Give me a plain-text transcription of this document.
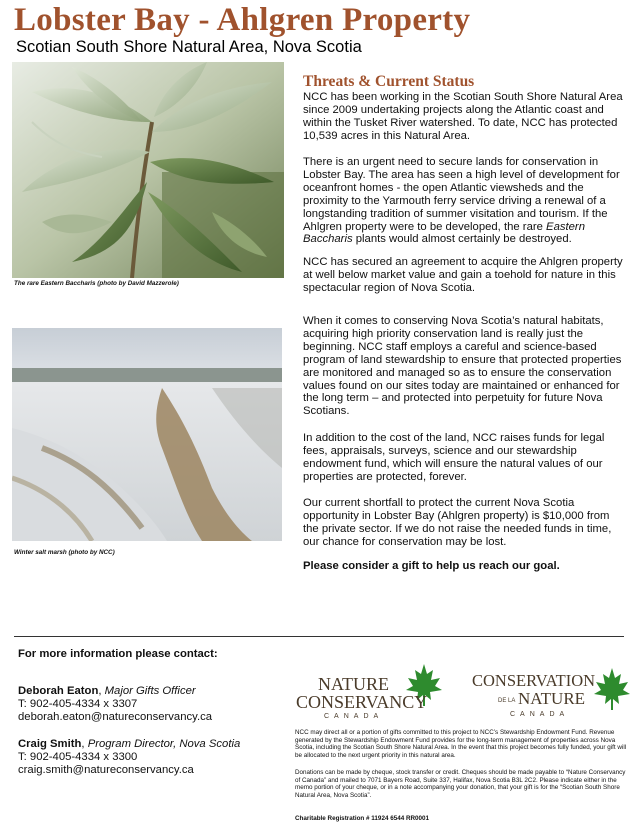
Lobster Bay - Ahlgren Property
Scotian South Shore Natural Area, Nova Scotia
The rare Eastern Baccharis (photo by David Mazzerole)
Winter salt marsh (photo by NCC)
Threats & Current Status

NCC has been working in the Scotian South Shore Natural Area since 2009 undertaking projects along the Atlantic coast and within the Tusket River watershed. To date, NCC has protected 10,539 acres in this Natural Area.

There is an urgent need to secure lands for conservation in Lobster Bay. The area has seen a high level of development for oceanfront homes - the open Atlantic viewsheds and the proximity to the Yarmouth ferry service driving a renewal of a longstanding tradition of summer visitation and tourism. If the Ahlgren property were to be developed, the rare Eastern Baccharis plants would almost certainly be destroyed.

NCC has secured an agreement to acquire the Ahlgren property at well below market value and gain a toehold for nature in this spectacular region of Nova Scotia.

When it comes to conserving Nova Scotia’s natural habitats, acquiring high priority conservation land is really just the beginning. NCC staff employs a careful and science-based program of land stewardship to ensure that protected properties are monitored and managed so as to ensure the conservation values found on our sites today are maintained or enhanced for the long term – and protected into perpetuity for future Nova Scotians.

In addition to the cost of the land, NCC raises funds for legal fees, appraisals, surveys, science and our stewardship endowment fund, which will ensure the natural values of our properties are protected, forever.

Our current shortfall to protect the current Nova Scotia opportunity in Lobster Bay (Ahlgren property) is $10,000 from the private sector. If we do not raise the needed funds in time, our chance for conservation may be lost.

Please consider a gift to help us reach our goal.

For more information please contact:
Deborah Eaton, Major Gifts Officer
T: 902-405-4334 x 3307
deborah.eaton@natureconservancy.ca
Craig Smith, Program Director, Nova Scotia
T: 902-405-4334 x 3300
craig.smith@natureconservancy.ca
NATURE
CONSERVANCY
CANADA
CONSERVATION
DE LA NATURE
CANADA

NCC may direct all or a portion of gifts committed to this project to NCC’s Stewardship Endowment Fund. Revenue generated by the Stewardship Endowment Fund provides for the long-term management of properties across Nova Scotia, including the Scotian South Shore Natural Area. In the event that this project becomes fully funded, your gift will be allocated to the next urgent priority in this natural area.

Donations can be made by cheque, stock transfer or credit. Cheques should be made payable to “Nature Conservancy of Canada” and mailed to 7071 Bayers Road, Suite 337, Halifax, Nova Scotia B3L 2C2. Please indicate either in the memo portion of your cheque, or in a note accompanying your donation, that your gift is for the “Scotian South Shore Natural Area, Nova Scotia”.

Charitable Registration # 11924 6544 RR0001
